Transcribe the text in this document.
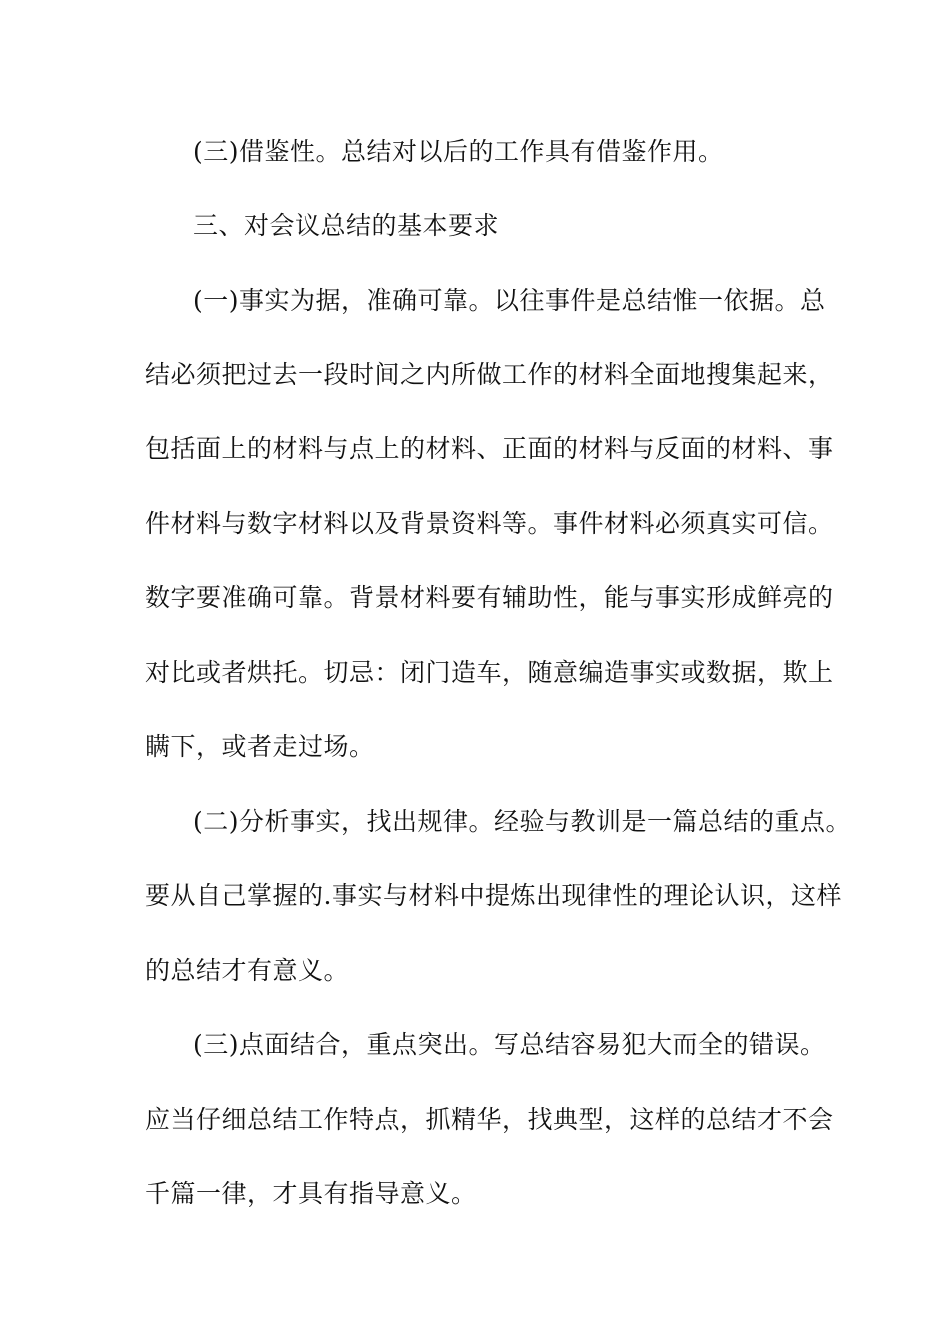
(三)借鉴性。总结对以后的工作具有借鉴作用。
三、对会议总结的基本要求
(一)事实为据，准确可靠。以往事件是总结惟一依据。总
结必须把过去一段时间之内所做工作的材料全面地搜集起来，
包括面上的材料与点上的材料、正面的材料与反面的材料、事
件材料与数字材料以及背景资料等。事件材料必须真实可信。
数字要准确可靠。背景材料要有辅助性，能与事实形成鲜亮的
对比或者烘托。切忌：闭门造车，随意编造事实或数据，欺上
瞒下，或者走过场。
(二)分析事实，找出规律。经验与教训是一篇总结的重点。
要从自己掌握的.事实与材料中提炼出现律性的理论认识，这样
的总结才有意义。
(三)点面结合，重点突出。写总结容易犯大而全的错误。
应当仔细总结工作特点，抓精华，找典型，这样的总结才不会
千篇一律，才具有指导意义。
